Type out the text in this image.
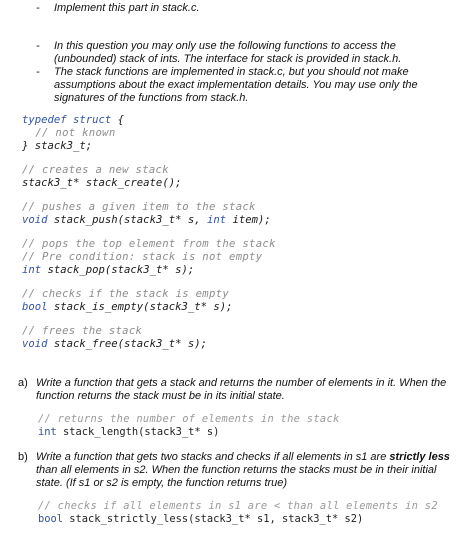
- Implement this part in stack.c.
- In this question you may only use the following functions to access the (unbounded) stack of ints. The interface for stack is provided in stack.h.
- The stack functions are implemented in stack.c, but you should not make assumptions about the exact implementation details. You may use only the signatures of the functions from stack.h.
typedef struct {
// not known
} stack3_t;
// creates a new stack
stack3_t* stack_create();
// pushes a given item to the stack
void stack_push(stack3_t* s, int item);
// pops the top element from the stack
// Pre condition: stack is not empty
int stack_pop(stack3_t* s);
// checks if the stack is empty
bool stack_is_empty(stack3_t* s);
// frees the stack
void stack_free(stack3_t* s);
a) Write a function that gets a stack and returns the number of elements in it. When the function returns the stack must be in its initial state.
// returns the number of elements in the stack
int stack_length(stack3_t* s)
b) Write a function that gets two stacks and checks if all elements in s1 are strictly less than all elements in s2. When the function returns the stacks must be in their initial state. (If s1 or s2 is empty, the function returns true)
// checks if all elements in s1 are < than all elements in s2
bool stack_strictly_less(stack3_t* s1, stack3_t* s2)
